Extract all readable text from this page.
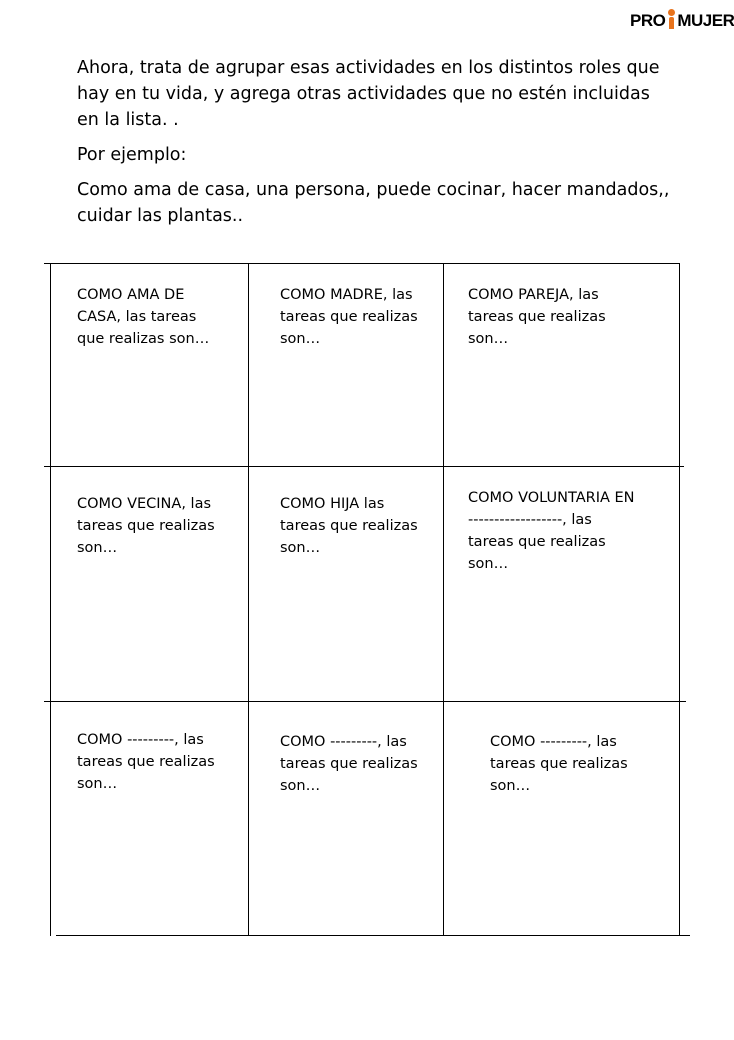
PRO MUJER

Ahora, trata de agrupar esas actividades en los distintos roles que hay en tu vida, y agrega otras actividades que no estén incluidas en la lista. .

Por ejemplo:

Como ama de casa, una persona, puede cocinar, hacer mandados,, cuidar las plantas..

COMO AMA DE CASA, las tareas que realizas son…
COMO MADRE, las tareas que realizas son…
COMO PAREJA, las tareas que realizas son…
COMO VECINA, las tareas que realizas son…
COMO HIJA las tareas que realizas son…
COMO VOLUNTARIA EN ------------------, las tareas que realizas son…
COMO ---------, las tareas que realizas son…
COMO ---------, las tareas que realizas son…
COMO ---------, las tareas que realizas son…
